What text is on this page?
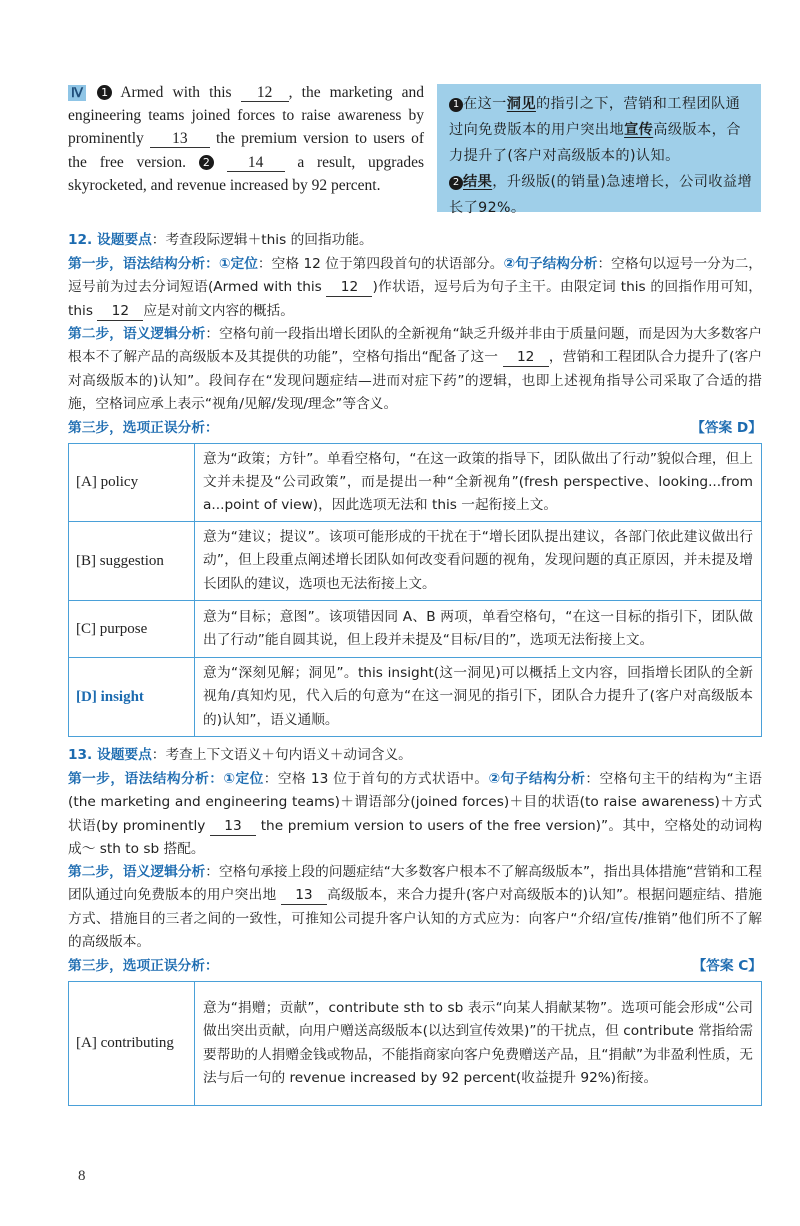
Ⅳ 1 Armed with this 12 , the marketing and engineering teams joined forces to raise awareness by prominently 13 the premium version to users of the free version. 2 14 a result, upgrades skyrocketed, and revenue increased by 92 percent.
1 在这一洞见的指引之下，营销和工程团队通过向免费版本的用户突出地宣传高级版本，合力提升了(客户对高级版本的)认知。
2 结果，升级版(的销量)急速增长，公司收益增长了92%。
12. 设题要点：考查段际逻辑＋this 的回指功能。
第一步，语法结构分析：①定位：空格 12 位于第四段首句的状语部分。②句子结构分析：空格句以逗号一分为二，逗号前为过去分词短语(Armed with this 12 )作状语，逗号后为句子主干。由限定词 this 的回指作用可知，this 12 应是对前文内容的概括。
第二步，语义逻辑分析：空格句前一段指出增长团队的全新视角“缺乏升级并非由于质量问题，而是因为大多数客户根本不了解产品的高级版本及其提供的功能”，空格句指出“配备了这一 12 ，营销和工程团队合力提升了(客户对高级版本的)认知”。段间存在“发现问题症结—进而对症下药”的逻辑，也即上述视角指导公司采取了合适的措施，空格词应承上表示“视角/见解/发现/理念”等含义。
第三步，选项正误分析：	【答案 D】
[A] policy	意为“政策；方针”。单看空格句，“在这一政策的指导下，团队做出了行动”貌似合理，但上文并未提及“公司政策”，而是提出一种“全新视角”(fresh perspective、looking...from a...point of view)，因此选项无法和 this 一起衔接上文。
[B] suggestion	意为“建议；提议”。该项可能形成的干扰在于“增长团队提出建议，各部门依此建议做出行动”，但上段重点阐述增长团队如何改变看问题的视角，发现问题的真正原因，并未提及增长团队的建议，选项也无法衔接上文。
[C] purpose	意为“目标；意图”。该项错因同 A、B 两项，单看空格句，“在这一目标的指引下，团队做出了行动”能自圆其说，但上段并未提及“目标/目的”，选项无法衔接上文。
[D] insight	意为“深刻见解；洞见”。this insight(这一洞见)可以概括上文内容，回指增长团队的全新视角/真知灼见，代入后的句意为“在这一洞见的指引下，团队合力提升了(客户对高级版本的)认知”，语义通顺。
13. 设题要点：考查上下文语义＋句内语义＋动词含义。
第一步，语法结构分析：①定位：空格 13 位于首句的方式状语中。②句子结构分析：空格句主干的结构为“主语(the marketing and engineering teams)＋谓语部分(joined forces)＋目的状语(to raise awareness)＋方式状语(by prominently 13 the premium version to users of the free version)”。其中，空格处的动词构成～ sth to sb 搭配。
第二步，语义逻辑分析：空格句承接上段的问题症结“大多数客户根本不了解高级版本”，指出具体措施“营销和工程团队通过向免费版本的用户突出地 13 高级版本，来合力提升(客户对高级版本的)认知”。根据问题症结、措施方式、措施目的三者之间的一致性，可推知公司提升客户认知的方式应为：向客户“介绍/宣传/推销”他们所不了解的高级版本。
第三步，选项正误分析：	【答案 C】
[A] contributing	意为“捐赠；贡献”，contribute sth to sb 表示“向某人捐献某物”。选项可能会形成“公司做出突出贡献，向用户赠送高级版本(以达到宣传效果)”的干扰点，但 contribute 常指给需要帮助的人捐赠金钱或物品，不能指商家向客户免费赠送产品，且“捐献”为非盈利性质，无法与后一句的 revenue increased by 92 percent(收益提升 92%)衔接。
8
